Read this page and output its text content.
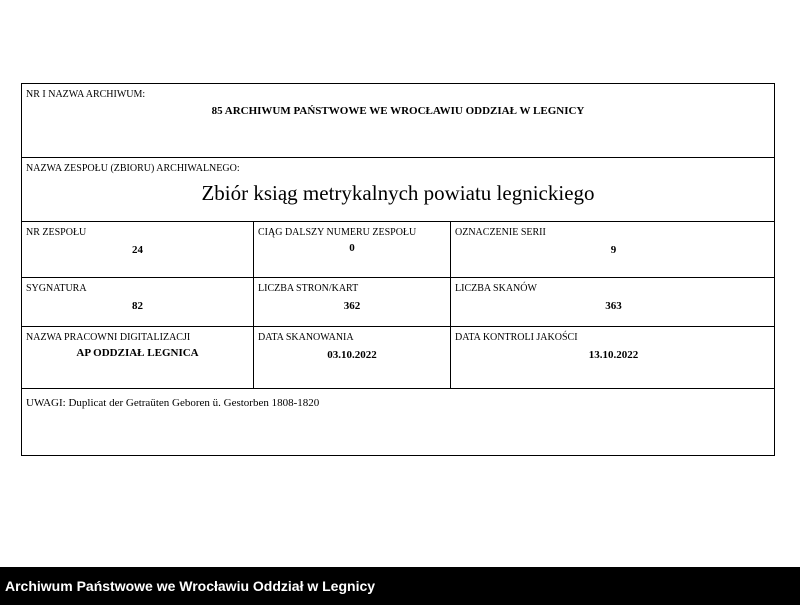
NR I NAZWA ARCHIWUM:
85 ARCHIWUM PAŃSTWOWE WE WROCŁAWIU ODDZIAŁ W LEGNICY
NAZWA ZESPOŁU (ZBIORU) ARCHIWALNEGO:
Zbiór ksiąg metrykalnych powiatu legnickiego
NR ZESPOŁU
24
CIĄG DALSZY NUMERU ZESPOŁU
0
OZNACZENIE SERII
9
SYGNATURA
82
LICZBA STRON/KART
362
LICZBA SKANÓW
363
NAZWA PRACOWNI DIGITALIZACJI
AP ODDZIAŁ LEGNICA
DATA SKANOWANIA
03.10.2022
DATA KONTROLI JAKOŚCI
13.10.2022
UWAGI: Duplicat der Getraüten Geboren ü. Gestorben 1808-1820
Archiwum Państwowe we Wrocławiu Oddział w Legnicy
